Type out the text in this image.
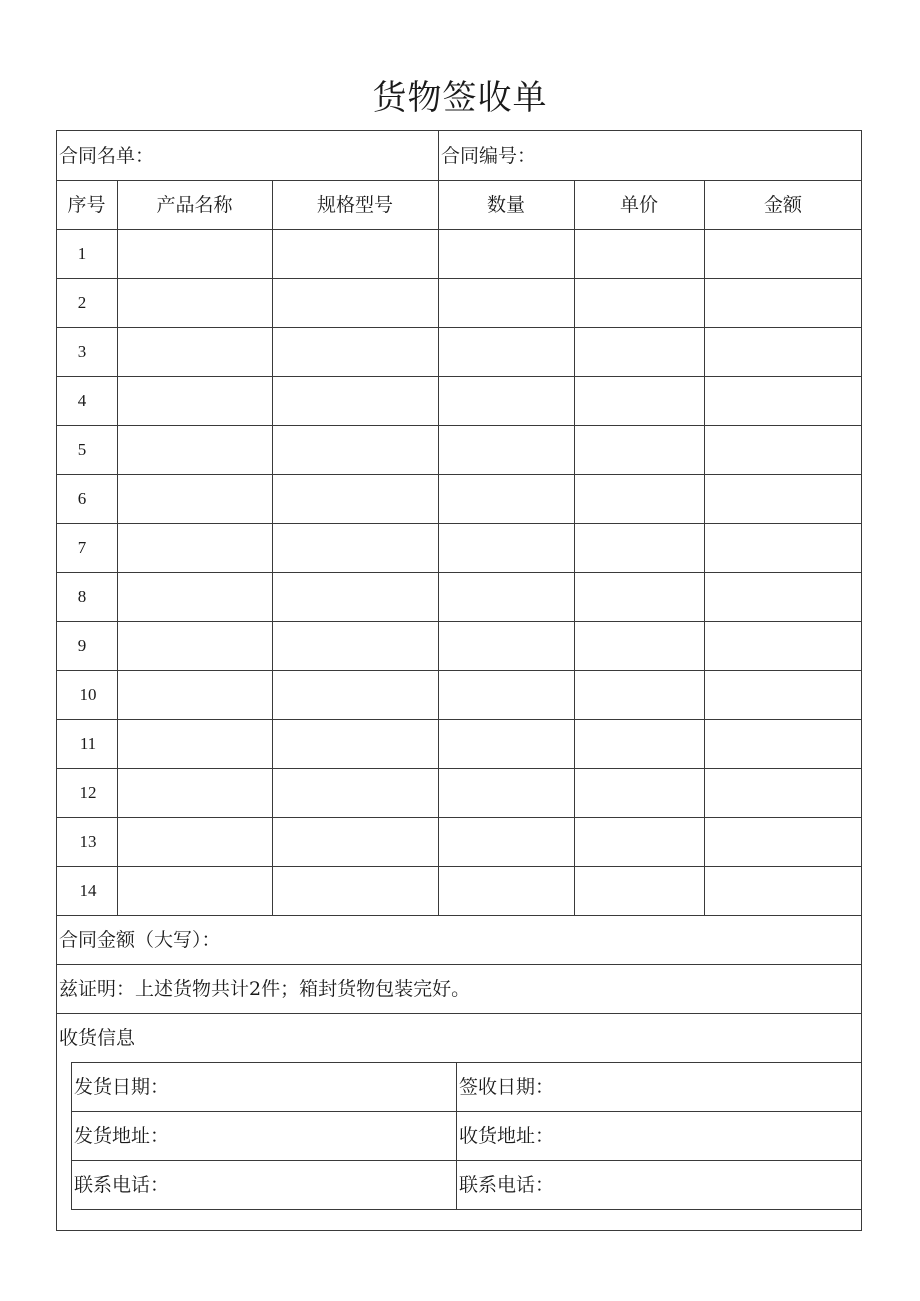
货物签收单
合同名单：	合同编号：
序号	产品名称	规格型号	数量	单价	金额
1
2
3
4
5
6
7
8
9
10
11
12
13
14
合同金额（大写）：
兹证明：上述货物共计2件；箱封货物包装完好。
收货信息
发货日期：	签收日期：
发货地址：	收货地址：
联系电话：	联系电话：
